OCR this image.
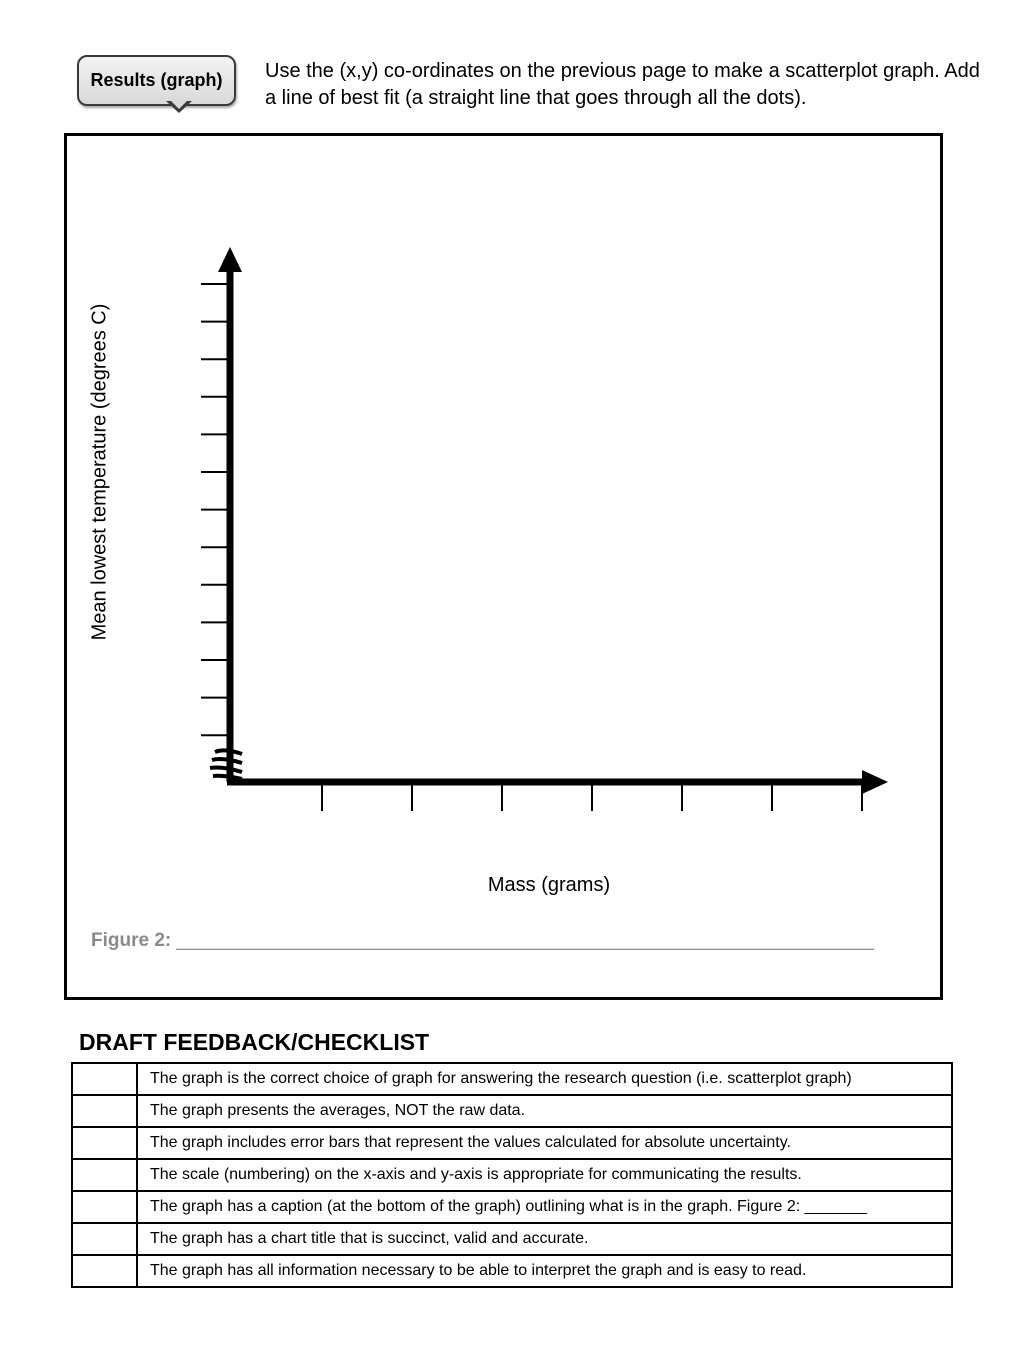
Results (graph) Use the (x,y) co-ordinates on the previous page to make a scatterplot graph. Add a line of best fit (a straight line that goes through all the dots).
Mean lowest temperature (degrees C)
Mass (grams)
Figure 2: __________________________________________________________________
DRAFT FEEDBACK/CHECKLIST
	The graph is the correct choice of graph for answering the research question (i.e. scatterplot graph)
	The graph presents the averages, NOT the raw data.
	The graph includes error bars that represent the values calculated for absolute uncertainty.
	The scale (numbering) on the x-axis and y-axis is appropriate for communicating the results.
	The graph has a caption (at the bottom of the graph) outlining what is in the graph. Figure 2: _______
	The graph has a chart title that is succinct, valid and accurate.
	The graph has all information necessary to be able to interpret the graph and is easy to read.
